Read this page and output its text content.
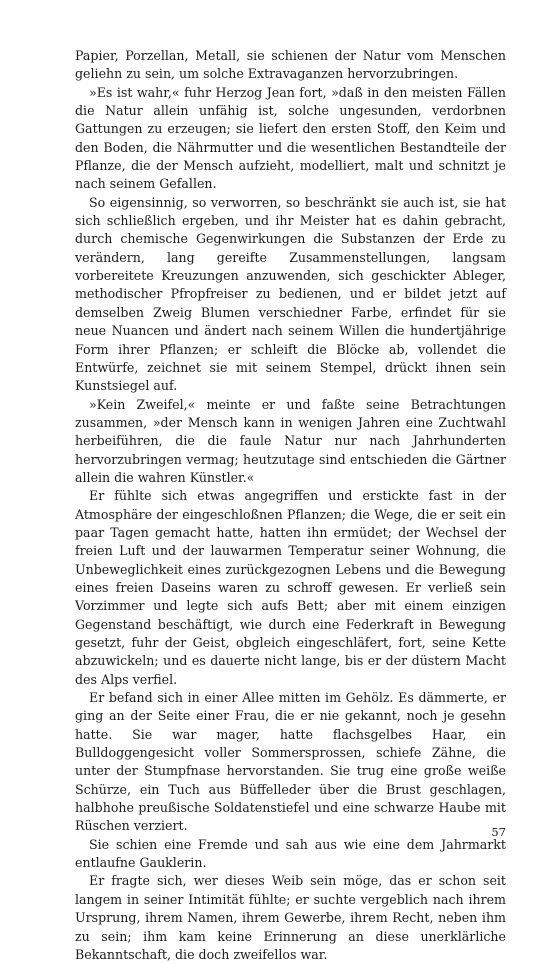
Papier, Porzellan, Metall, sie schienen der Natur vom Menschen geliehn zu sein, um solche Extravaganzen hervorzubringen.

»Es ist wahr,« fuhr Herzog Jean fort, »daß in den meisten Fällen die Natur allein unfähig ist, solche ungesunden, verdorbnen Gattungen zu erzeugen; sie liefert den ersten Stoff, den Keim und den Boden, die Nährmutter und die wesentlichen Bestandteile der Pflanze, die der Mensch aufzieht, modelliert, malt und schnitzt je nach seinem Gefallen.

So eigensinnig, so verworren, so beschränkt sie auch ist, sie hat sich schließlich ergeben, und ihr Meister hat es dahin gebracht, durch chemische Gegenwirkungen die Substanzen der Erde zu verändern, lang gereifte Zusammenstellungen, langsam vorbereitete Kreuzungen anzuwenden, sich geschickter Ableger, methodischer Pfropfreiser zu bedienen, und er bildet jetzt auf demselben Zweig Blumen verschiedner Farbe, erfindet für sie neue Nuancen und ändert nach seinem Willen die hundertjährige Form ihrer Pflanzen; er schleift die Blöcke ab, vollendet die Entwürfe, zeichnet sie mit seinem Stempel, drückt ihnen sein Kunstsiegel auf.

»Kein Zweifel,« meinte er und faßte seine Betrachtungen zusammen, »der Mensch kann in wenigen Jahren eine Zuchtwahl herbeiführen, die die faule Natur nur nach Jahrhunderten hervorzubringen vermag; heutzutage sind entschieden die Gärtner allein die wahren Künstler.«

Er fühlte sich etwas angegriffen und erstickte fast in der Atmosphäre der eingeschloßnen Pflanzen; die Wege, die er seit ein paar Tagen gemacht hatte, hatten ihn ermüdet; der Wechsel der freien Luft und der lauwarmen Temperatur seiner Wohnung, die Unbeweglichkeit eines zurückgezognen Lebens und die Bewegung eines freien Daseins waren zu schroff gewesen. Er verließ sein Vorzimmer und legte sich aufs Bett; aber mit einem einzigen Gegenstand beschäftigt, wie durch eine Federkraft in Bewegung gesetzt, fuhr der Geist, obgleich eingeschläfert, fort, seine Kette abzuwickeln; und es dauerte nicht lange, bis er der düstern Macht des Alps verfiel.

Er befand sich in einer Allee mitten im Gehölz. Es dämmerte, er ging an der Seite einer Frau, die er nie gekannt, noch je gesehn hatte. Sie war mager, hatte flachsgelbes Haar, ein Bulldoggengesicht voller Sommersprossen, schiefe Zähne, die unter der Stumpfnase hervorstanden. Sie trug eine große weiße Schürze, ein Tuch aus Büffelleder über die Brust geschlagen, halbhohe preußische Soldatenstiefel und eine schwarze Haube mit Rüschen verziert.

Sie schien eine Fremde und sah aus wie eine dem Jahrmarkt entlaufne Gauklerin.

Er fragte sich, wer dieses Weib sein möge, das er schon seit langem in seiner Intimität fühlte; er suchte vergeblich nach ihrem Ursprung, ihrem Namen, ihrem Gewerbe, ihrem Recht, neben ihm zu sein; ihm kam keine Erinnerung an diese unerklärliche Bekanntschaft, die doch zweifellos war.

57
